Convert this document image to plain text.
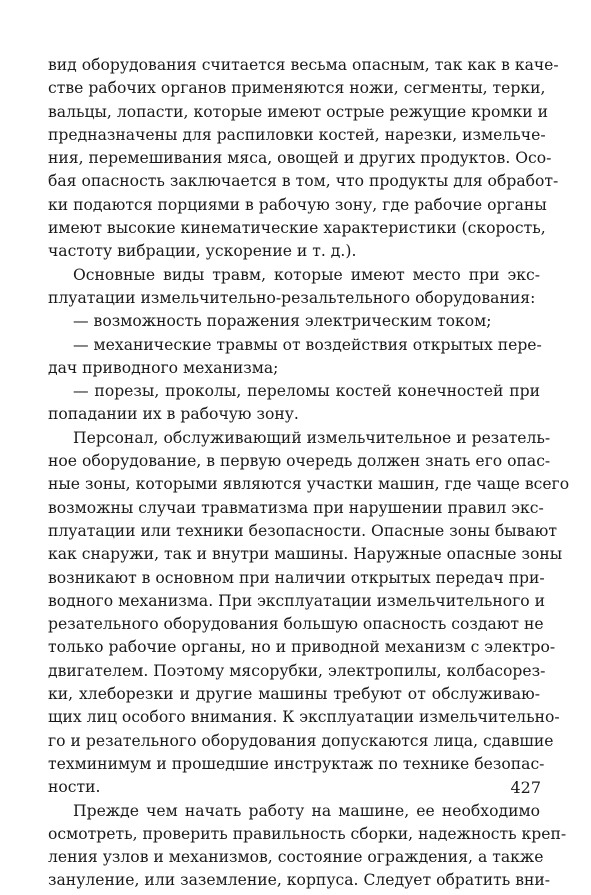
вид оборудования считается весьма опасным, так как в каче-
стве рабочих органов применяются ножи, сегменты, терки,
вальцы, лопасти, которые имеют острые режущие кромки и
предназначены для распиловки костей, нарезки, измельче-
ния, перемешивания мяса, овощей и других продуктов. Осо-
бая опасность заключается в том, что продукты для обработ-
ки подаются порциями в рабочую зону, где рабочие органы
имеют высокие кинематические характеристики (скорость,
частоту вибрации, ускорение и т. д.).
Основные виды травм, которые имеют место при экс-
плуатации измельчительно-резальтельного оборудования:
— возможность поражения электрическим током;
— механические травмы от воздействия открытых пере-
дач приводного механизма;
— порезы, проколы, переломы костей конечностей при
попадании их в рабочую зону.
Персонал, обслуживающий измельчительное и резатель-
ное оборудование, в первую очередь должен знать его опас-
ные зоны, которыми являются участки машин, где чаще всего
возможны случаи травматизма при нарушении правил экс-
плуатации или техники безопасности. Опасные зоны бывают
как снаружи, так и внутри машины. Наружные опасные зоны
возникают в основном при наличии открытых передач при-
водного механизма. При эксплуатации измельчительного и
резательного оборудования большую опасность создают не
только рабочие органы, но и приводной механизм с электро-
двигателем. Поэтому мясорубки, электропилы, колбасорез-
ки, хлеборезки и другие машины требуют от обслуживаю-
щих лиц особого внимания. К эксплуатации измельчительно-
го и резательного оборудования допускаются лица, сдавшие
техминимум и прошедшие инструктаж по технике безопас-
ности.
Прежде чем начать работу на машине, ее необходимо
осмотреть, проверить правильность сборки, надежность креп-
ления узлов и механизмов, состояние ограждения, а также
зануление, или заземление, корпуса. Следует обратить вни-
427
